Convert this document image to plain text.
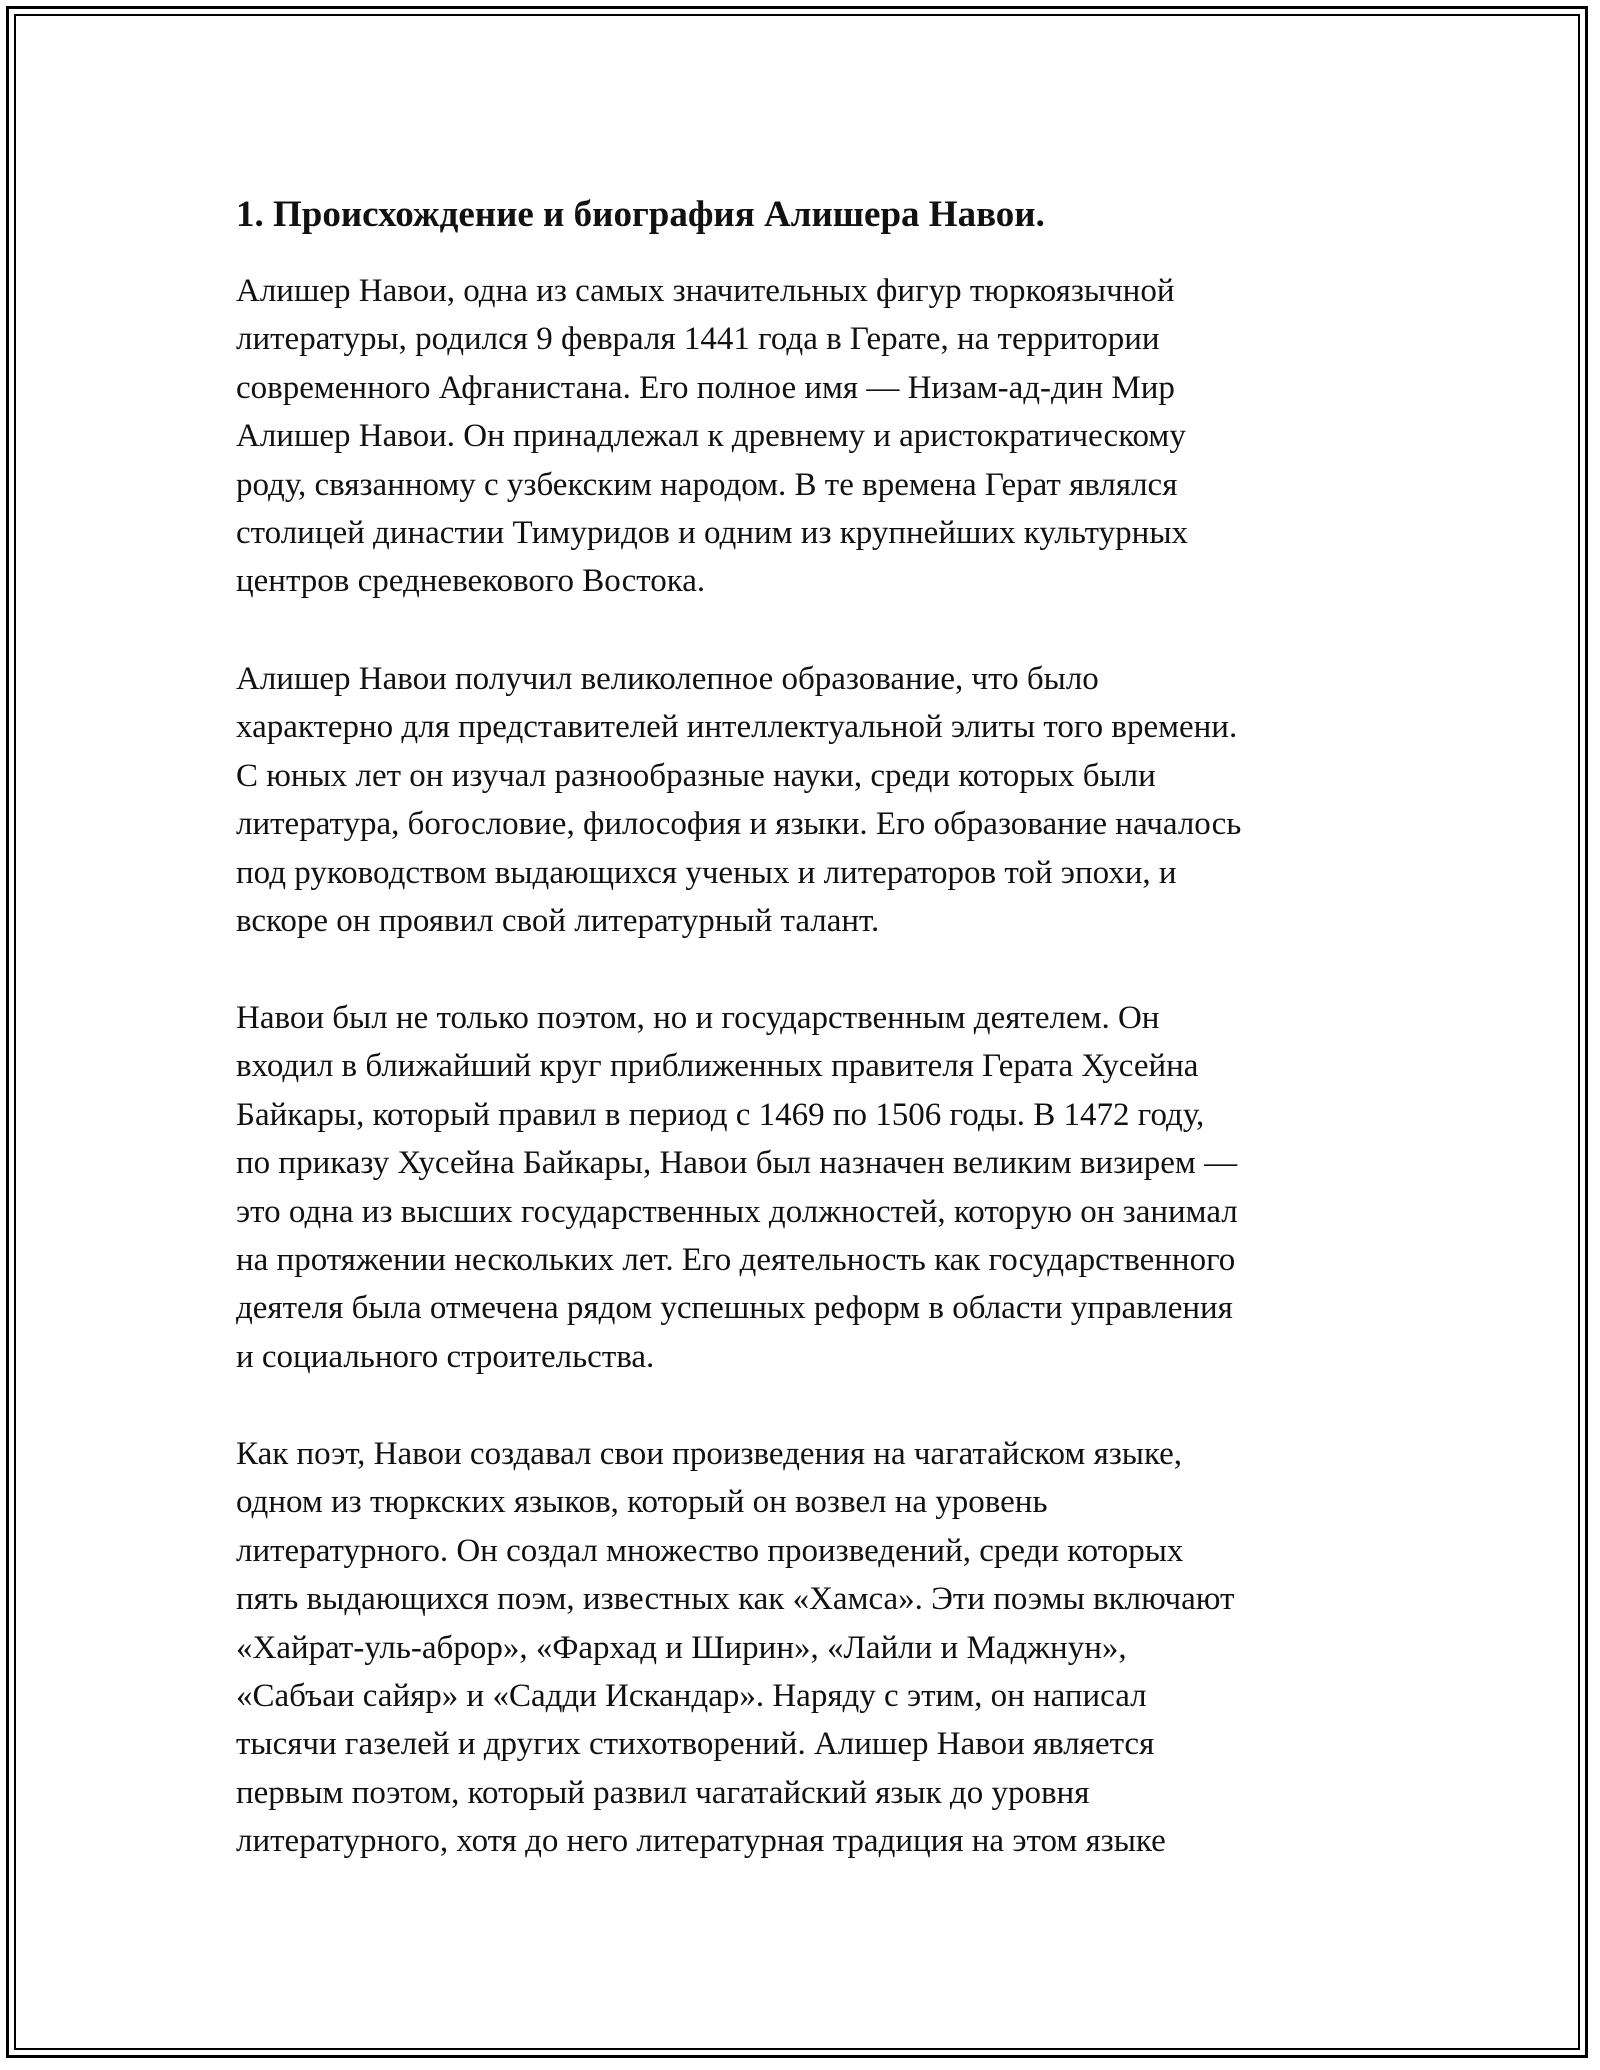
1. Происхождение и биография Алишера Навои.

Алишер Навои, одна из самых значительных фигур тюркоязычной
литературы, родился 9 февраля 1441 года в Герате, на территории
современного Афганистана. Его полное имя — Низам-ад-дин Мир
Алишер Навои. Он принадлежал к древнему и аристократическому
роду, связанному с узбекским народом. В те времена Герат являлся
столицей династии Тимуридов и одним из крупнейших культурных
центров средневекового Востока.

Алишер Навои получил великолепное образование, что было
характерно для представителей интеллектуальной элиты того времени.
С юных лет он изучал разнообразные науки, среди которых были
литература, богословие, философия и языки. Его образование началось
под руководством выдающихся ученых и литераторов той эпохи, и
вскоре он проявил свой литературный талант.

Навои был не только поэтом, но и государственным деятелем. Он
входил в ближайший круг приближенных правителя Герата Хусейна
Байкары, который правил в период с 1469 по 1506 годы. В 1472 году,
по приказу Хусейна Байкары, Навои был назначен великим визирем —
это одна из высших государственных должностей, которую он занимал
на протяжении нескольких лет. Его деятельность как государственного
деятеля была отмечена рядом успешных реформ в области управления
и социального строительства.

Как поэт, Навои создавал свои произведения на чагатайском языке,
одном из тюркских языков, который он возвел на уровень
литературного. Он создал множество произведений, среди которых
пять выдающихся поэм, известных как «Хамса». Эти поэмы включают
«Хайрат-уль-аброр», «Фархад и Ширин», «Лайли и Маджнун»,
«Сабъаи сайяр» и «Садди Искандар». Наряду с этим, он написал
тысячи газелей и других стихотворений. Алишер Навои является
первым поэтом, который развил чагатайский язык до уровня
литературного, хотя до него литературная традиция на этом языке
